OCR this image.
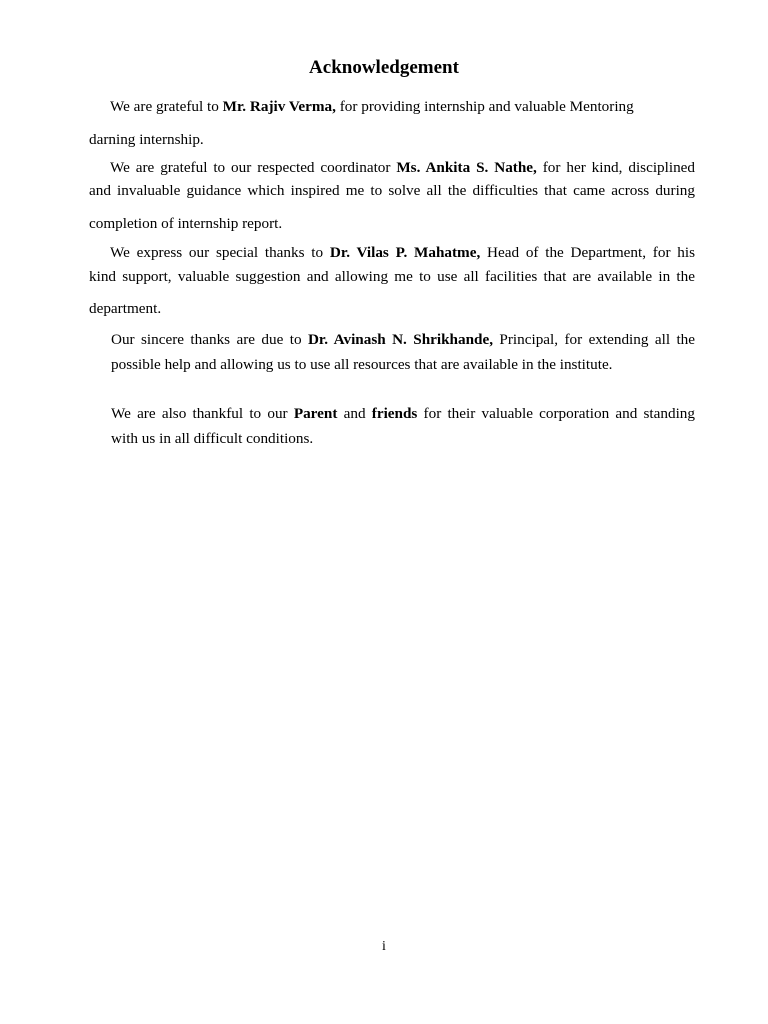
Acknowledgement
We are grateful to Mr. Rajiv Verma, for providing internship and valuable Mentoring
darning internship.
We are grateful to our respected coordinator Ms. Ankita S. Nathe, for her kind, disciplined
and invaluable guidance which inspired me to solve all the difficulties that came across during
completion of internship report.
We express our special thanks to Dr. Vilas P. Mahatme, Head of the Department, for his
kind support, valuable suggestion and allowing me to use all facilities that are available in the
department.
Our sincere thanks are due to Dr. Avinash N. Shrikhande, Principal, for extending all the
possible help and allowing us to use all resources that are available in the institute.
We are also thankful to our Parent and friends for their valuable corporation and standing
with us in all difficult conditions.
i
